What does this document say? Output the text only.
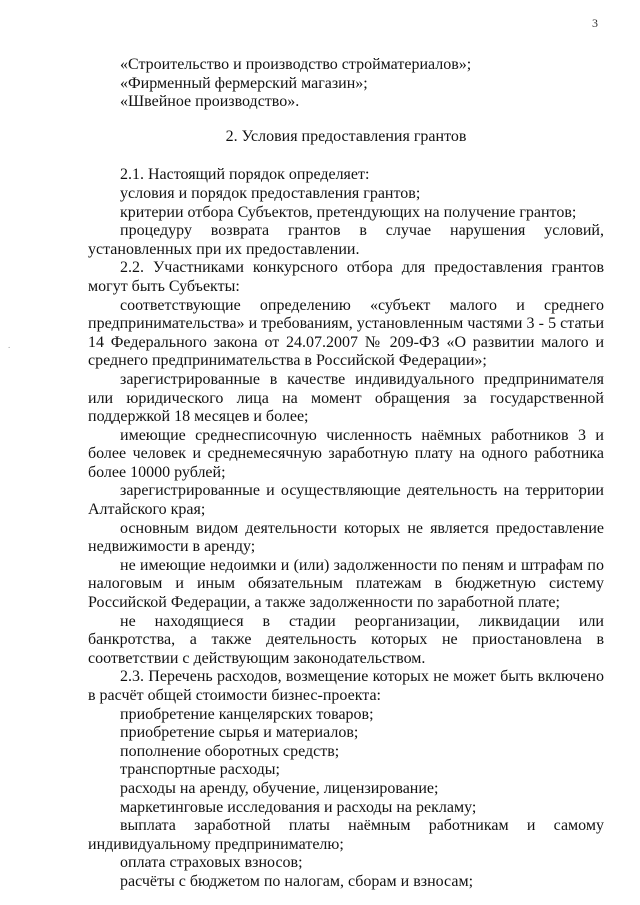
3
.

«Строительство и производство стройматериалов»;

«Фирменный фермерский магазин»;

«Швейное производство».

2. Условия предоставления грантов

2.1. Настоящий порядок определяет:

условия и порядок предоставления грантов;

критерии отбора Субъектов, претендующих на получение грантов;

процедуру возврата грантов в случае нарушения условий, установленных при их предоставлении.

2.2. Участниками конкурсного отбора для предоставления грантов могут быть Субъекты:

соответствующие определению «субъект малого и среднего предпринимательства» и требованиям, установленным частями 3 - 5 статьи 14 Федерального закона от 24.07.2007 № 209-ФЗ «О развитии малого и среднего предпринимательства в Российской Федерации»;

зарегистрированные в качестве индивидуального предпринимателя или юридического лица на момент обращения за государственной поддержкой 18 месяцев и более;

имеющие среднесписочную численность наёмных работников 3 и более человек и среднемесячную заработную плату на одного работника более 10000 рублей;

зарегистрированные и осуществляющие деятельность на территории Алтайского края;

основным видом деятельности которых не является предоставление недвижимости в аренду;

не имеющие недоимки и (или) задолженности по пеням и штрафам по налоговым и иным обязательным платежам в бюджетную систему Российской Федерации, а также задолженности по заработной плате;

не находящиеся в стадии реорганизации, ликвидации или банкротства, а также деятельность которых не приостановлена в соответствии с действующим законодательством.

2.3. Перечень расходов, возмещение которых не может быть включено в расчёт общей стоимости бизнес-проекта:

приобретение канцелярских товаров;

приобретение сырья и материалов;

пополнение оборотных средств;

транспортные расходы;

расходы на аренду, обучение, лицензирование;

маркетинговые исследования и расходы на рекламу;

выплата заработной платы наёмным работникам и самому индивидуальному предпринимателю;

оплата страховых взносов;

расчёты с бюджетом по налогам, сборам и взносам;
